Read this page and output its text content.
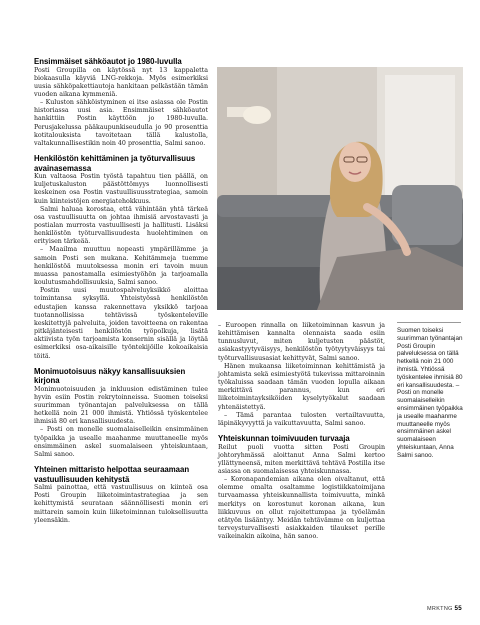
Ensimmäiset sähköautot jo 1980-luvulla

Posti Groupilla on käytössä nyt 13 kappaletta biokaasulla käyviä LNG-rekkoja. Myös esimerkiksi uusia sähköpakettiautoja hankitaan pelkästään tämän vuoden aikana kymmeniä.

– Kuluston sähköistyminen ei itse asiassa ole Postin historiassa uusi asia. Ensimmäiset sähköautot hankittiin Postin käyttöön jo 1980-luvulla. Perusjakelussa pääkaupunkiseudulla jo 90 prosenttia kotitalouksista tavoitetaan tällä kalustolla, valtakunnallisestikin noin 40 prosenttia, Salmi sanoo.

Henkilöstön kehittäminen ja työturvallisuus avainasemassa

Kun valtaosa Postin työstä tapahtuu tien päällä, on kuljetuskaluston päästöttömyys luonnollisesti keskeinen osa Postin vastuullisuusstrategiaa, samoin kuin kiinteistöjen energiatehokkuus.

Salmi haluaa korostaa, että vähintään yhtä tärkeä osa vastuullisuutta on johtaa ihmisiä arvostavasti ja postialan murrosta vastuullisesti ja hallitusti. Lisäksi henkilöstön työturvallisuudesta huolehtiminen on erityisen tärkeää.

– Maailma muuttuu nopeasti ympärillämme ja samoin Posti sen mukana. Kehitämmeja tuemme henkilöstöä muutoksessa monin eri tavoin muun muassa panostamalla esimiestyöhön ja tarjoamalla koulutusmahdollisuuksia, Salmi sanoo.

Postin uusi muutospalveluyksikkö aloittaa toimintansa syksyllä. Yhteistyössä henkilöstön edustajien kanssa rakennettava yksikkö tarjoaa tuotannollisissa tehtävissä työskenteleville keskitettyjä palveluita, joiden tavoitteena on rakentaa pitkäjänteisesti henkilöstön työpolkuja, lisätä aktiivista työn tarjoamista konsernin sisällä ja löytää esimerkiksi osa-aikaisille työntekijöille kokoaikaisia töitä.

Monimuotoisuus näkyy kansallisuuksien kirjona

Monimuotoisuuden ja inkluusion edistäminen tulee hyvin esiin Postin rekrytoinneissa. Suomen toiseksi suurimman työnantajan palveluksessa on tällä hetkellä noin 21 000 ihmistä. Yhtiössä työskentelee ihmisiä 80 eri kansallisuudesta.

– Posti on monelle suomalaiselleikin ensimmäinen työpaikka ja usealle maahanme muuttaneelle myös ensimmäinen askel suomalaiseen yhteiskuntaan, Salmi sanoo.

Yhteinen mittaristo helpottaa seuraamaan vastuullisuuden kehitystä

Salmi painottaa, että vastuullisuus on kiinteä osa Posti Groupin liiketoimintastrategiaa ja sen kehittymistä seurataan säännöllisesti monin eri mittarein samoin kuin liiketoiminnan tuloksellisuutta yleensäkin.

– Euroopen rinnalla on liiketoiminnan kasvun ja kehittämisen kannalta olennaista saada esiin tunnusluvut, miten kuljetusten päästöt, asiakastyytyväisyys, henkilöstön työtyytyväisyys tai työturvallisuusasiat kehittyvät, Salmi sanoo.

Hänen mukaansa liiketoiminnan kehittämistä ja johtamista sekä esimiestyötä tukevissa mittaroinnin työkaluissa saadaan tämän vuoden lopulla aikaan merkittävä parannus, kun eri liiketoimintayksiköiden kyselytyökalut saadaan yhtenäistettyä.

– Tämä parantaa tulosten vertailtavuutta, läpinäkyvyyttä ja vaikuttavuutta, Salmi sanoo.

Yhteiskunnan toimivuuden turvaaja

Reilut puoli vuotta sitten Posti Groupin johtoryhmässä aloittanut Anna Salmi kertoo yllättyneensä, miten merkittävä tehtävä Postilla itse asiassa on suomalaisessa yhteiskunnassa.

– Koronapandemian aikana olen oivaltanut, että olemme omalta osaltamme logistiikkatoimijana turvaamassa yhteiskunnallista toimivuutta, minkä merkitys on korostunut koronan aikana, kun liikkuvuus on ollut rajoitettumpaa ja työelämän etätyön lisääntyy. Meidän tehtävämme on kuljettaa terveysturvallisesti asiakkaiden tilaukset perille vaikeinakin aikoina, hän sanoo.

Suomen toiseksi suurimman työnantajan Posti Groupin palveluksessa on tällä hetkellä noin 21 000 ihmistä. Yhtiössä työskentelee ihmisiä 80 eri kansallisuudesta. – Posti on monelle suomalaiselleikin ensimmäinen työpaikka ja usealle maahanme muuttaneelle myös ensimmäinen askel suomalaiseen yhteiskuntaan, Anna Salmi sanoo.
MRKTNG 55
